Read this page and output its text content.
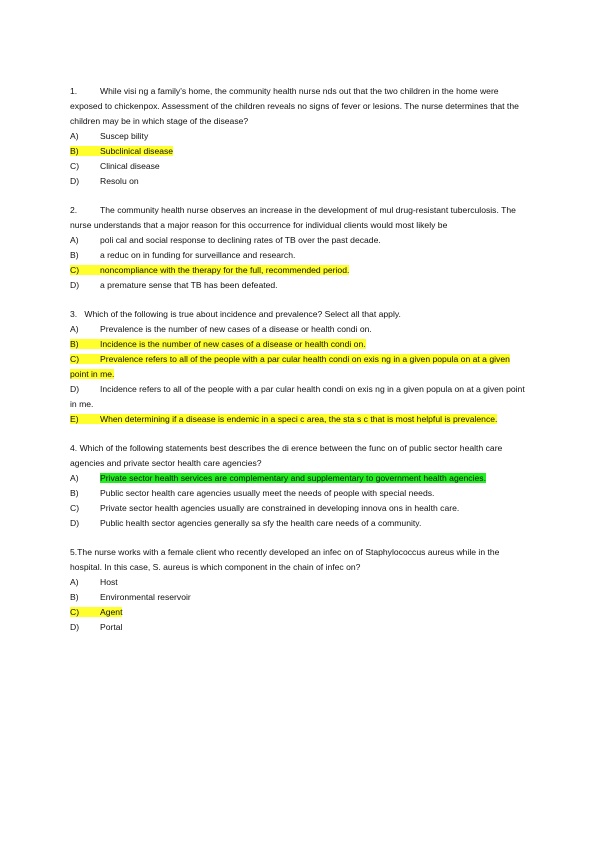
1.	While visi ng a family's home, the community health nurse nds out that the two children in the home were exposed to chickenpox. Assessment of the children reveals no signs of fever or lesions. The nurse determines that the children may be in which stage of the disease?

A) Suscep bility
B) Subclinical disease
C) Clinical disease
D) Resolu on

2.	The community health nurse observes an increase in the development of mul drug-resistant tuberculosis. The nurse understands that a major reason for this occurrence for individual clients would most likely be

A) poli cal and social response to declining rates of TB over the past decade.
B) a reduc on in funding for surveillance and research.
C) noncompliance with the therapy for the full, recommended period.
D) a premature sense that TB has been defeated.

3. Which of the following is true about incidence and prevalence? Select all that apply.

A) Prevalence is the number of new cases of a disease or health condi on.
B) Incidence is the number of new cases of a disease or health condi on.
C) Prevalence refers to all of the people with a par cular health condi on exis ng in a given popula on at a given point in me.
D) Incidence refers to all of the people with a par cular health condi on exis ng in a given popula on at a given point in me.
E) When determining if a disease is endemic in a speci c area, the sta s c that is most helpful is prevalence.

4. Which of the following statements best describes the di erence between the func on of public sector health care agencies and private sector health care agencies?

A) Private sector health services are complementary and supplementary to government health agencies.
B) Public sector health care agencies usually meet the needs of people with special needs.
C) Private sector health agencies usually are constrained in developing innova ons in health care.
D) Public health sector agencies generally sa sfy the health care needs of a community.

5.The nurse works with a female client who recently developed an infec on of Staphylococcus aureus while in the hospital. In this case, S. aureus is which component in the chain of infec on?

A) Host
B) Environmental reservoir
C) Agent
D) Portal
